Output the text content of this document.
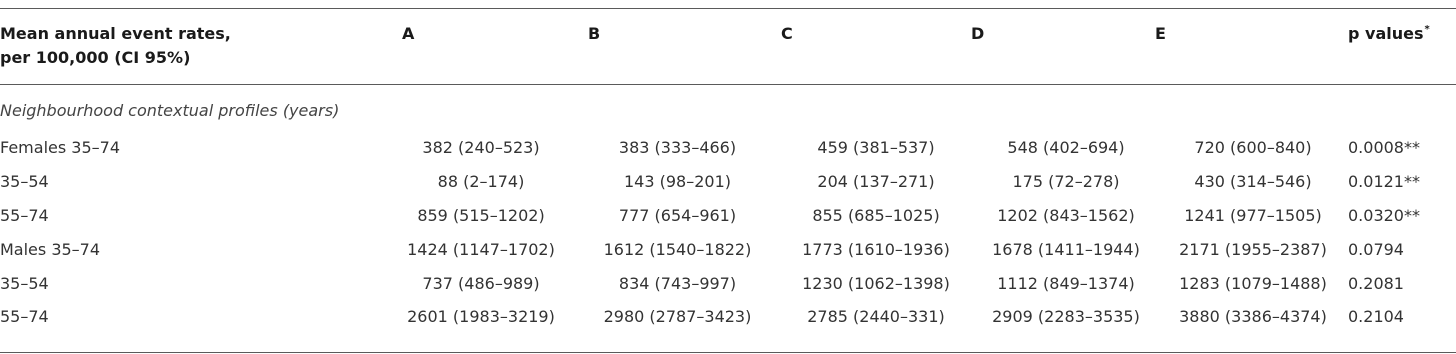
Mean annual event rates,
per 100,000 (CI 95%)
A	B	C	D	E	p values*
Neighbourhood contextual profiles (years)
Females 35–74	382 (240–523)	383 (333–466)	459 (381–537)	548 (402–694)	720 (600–840)	0.0008**
35–54	88 (2–174)	143 (98–201)	204 (137–271)	175 (72–278)	430 (314–546)	0.0121**
55–74	859 (515–1202)	777 (654–961)	855 (685–1025)	1202 (843–1562)	1241 (977–1505)	0.0320**
Males 35–74	1424 (1147–1702)	1612 (1540–1822)	1773 (1610–1936)	1678 (1411–1944)	2171 (1955–2387)	0.0794
35–54	737 (486–989)	834 (743–997)	1230 (1062–1398)	1112 (849–1374)	1283 (1079–1488)	0.2081
55–74	2601 (1983–3219)	2980 (2787–3423)	2785 (2440–331)	2909 (2283–3535)	3880 (3386–4374)	0.2104
